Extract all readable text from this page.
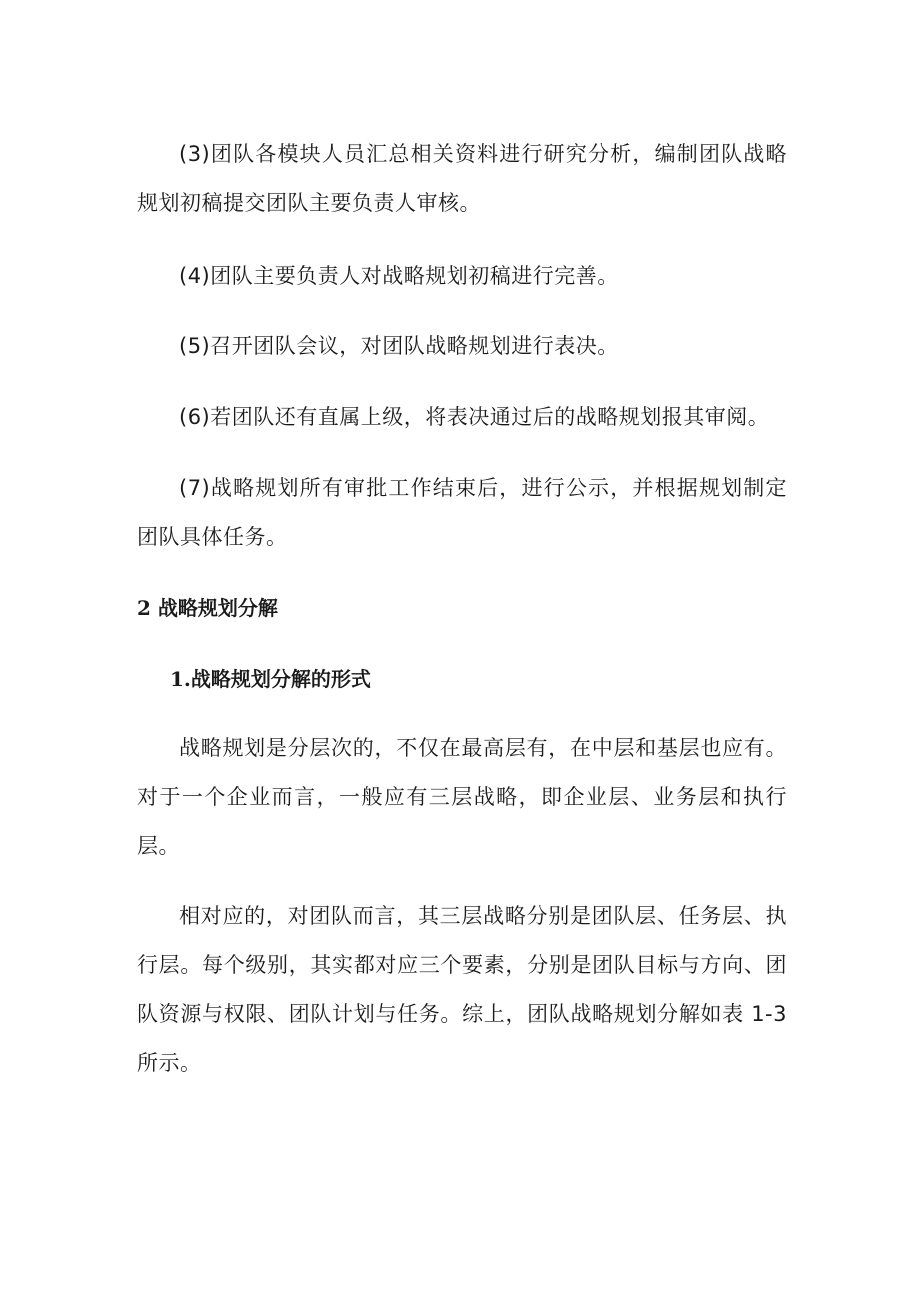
(3)团队各模块人员汇总相关资料进行研究分析，编制团队战略规划初稿提交团队主要负责人审核。

(4)团队主要负责人对战略规划初稿进行完善。

(5)召开团队会议，对团队战略规划进行表决。

(6)若团队还有直属上级，将表决通过后的战略规划报其审阅。

(7)战略规划所有审批工作结束后，进行公示，并根据规划制定团队具体任务。

2 战略规划分解
1.战略规划分解的形式

战略规划是分层次的，不仅在最高层有，在中层和基层也应有。对于一个企业而言，一般应有三层战略，即企业层、业务层和执行层。

相对应的，对团队而言，其三层战略分别是团队层、任务层、执行层。每个级别，其实都对应三个要素，分别是团队目标与方向、团队资源与权限、团队计划与任务。综上，团队战略规划分解如表 1-3 所示。
